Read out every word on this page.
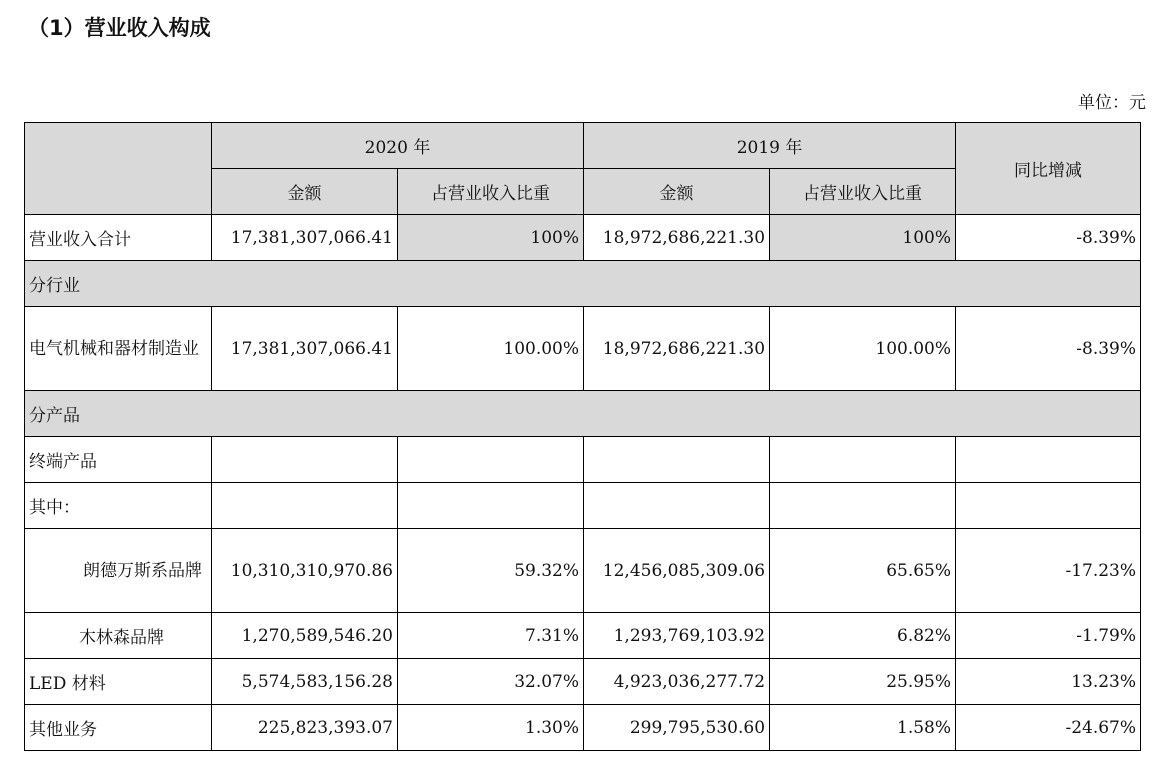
（1）营业收入构成
单位：元
	2020 年		2019 年		同比增减
	金额	占营业收入比重	金额	占营业收入比重	
营业收入合计	17,381,307,066.41	100%	18,972,686,221.30	100%	-8.39%
分行业					
电气机械和器材制造业	17,381,307,066.41	100.00%	18,972,686,221.30	100.00%	-8.39%
分产品					
终端产品					
其中：					
朗德万斯系品牌	10,310,310,970.86	59.32%	12,456,085,309.06	65.65%	-17.23%
木林森品牌	1,270,589,546.20	7.31%	1,293,769,103.92	6.82%	-1.79%
LED 材料	5,574,583,156.28	32.07%	4,923,036,277.72	25.95%	13.23%
其他业务	225,823,393.07	1.30%	299,795,530.60	1.58%	-24.67%
